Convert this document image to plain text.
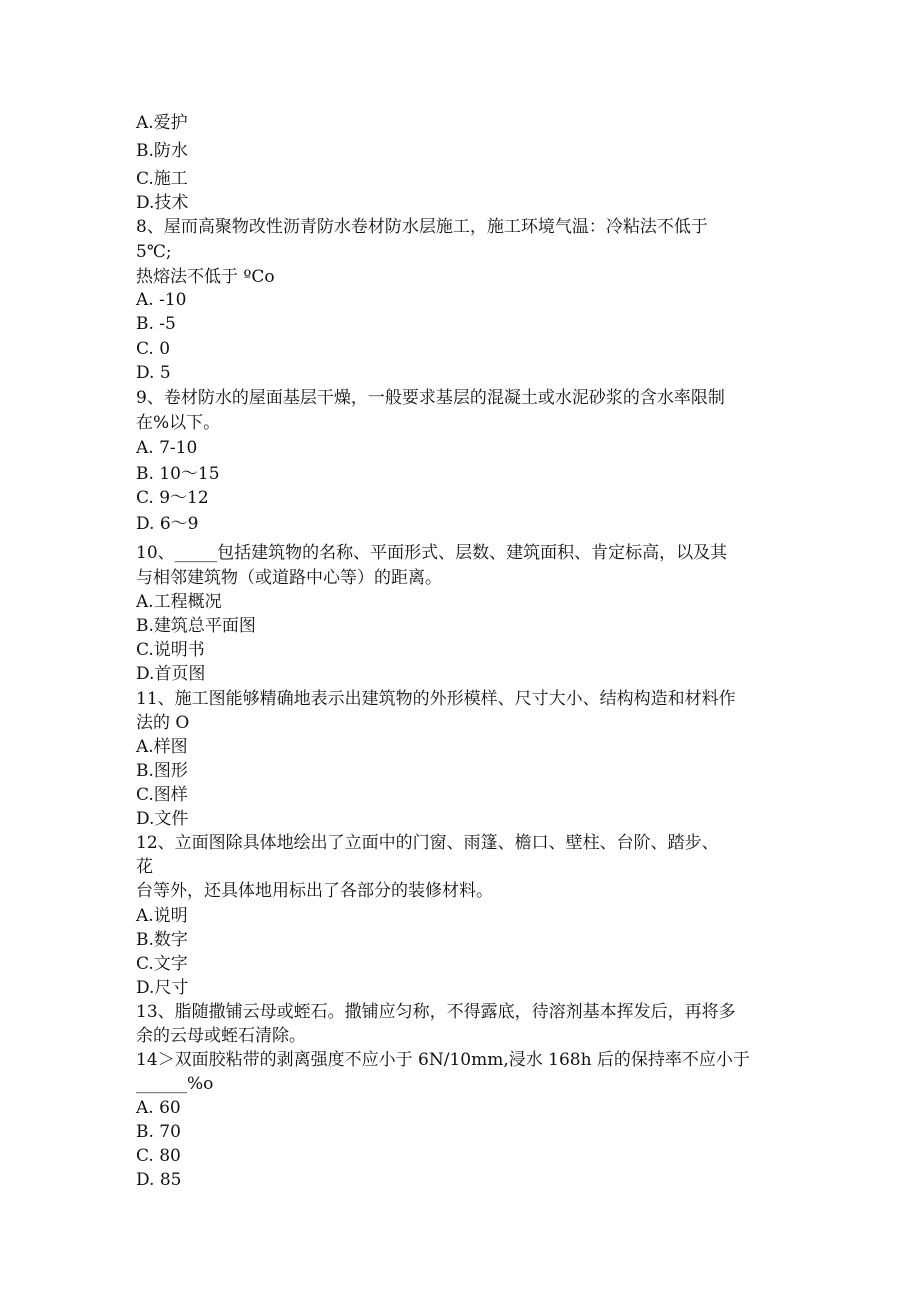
A.爱护
B.防水
C.施工
D.技术
8、屋而高聚物改性沥青防水卷材防水层施工，施工环境气温：冷粘法不低于
5℃;
热熔法不低于 ºCo
A. -10
B. -5
C. 0
D. 5
9、卷材防水的屋面基层干燥，一般要求基层的混凝土或水泥砂浆的含水率限制
在%以下。
A. 7-10
B. 10～15
C. 9～12
D. 6～9
10、_____包括建筑物的名称、平面形式、层数、建筑面积、肯定标高，以及其
与相邻建筑物（或道路中心等）的距离。
A.工程概况
B.建筑总平面图
C.说明书
D.首页图
11、施工图能够精确地表示出建筑物的外形模样、尺寸大小、结构构造和材料作
法的 O
A.样图
B.图形
C.图样
D.文件
12、立面图除具体地绘出了立面中的门窗、雨篷、檐口、壁柱、台阶、踏步、
花
台等外，还具体地用标出了各部分的装修材料。
A.说明
B.数字
C.文字
D.尺寸
13、脂随撒铺云母或蛭石。撒铺应匀称，不得露底，待溶剂基本挥发后，再将多
余的云母或蛭石清除。
14＞双面胶粘带的剥离强度不应小于 6N/10mm,浸水 168h 后的保持率不应小于
______%o
A. 60
B. 70
C. 80
D. 85
